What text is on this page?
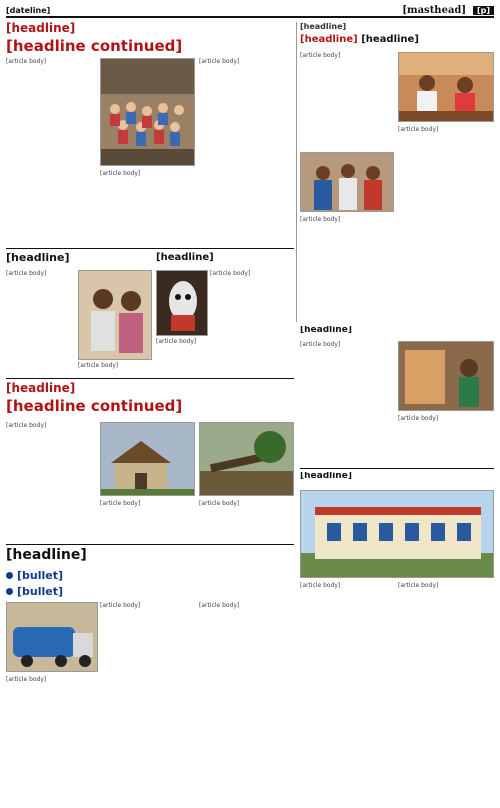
[dateline]	[masthead] [p]
[headline]
[headline continued]

[article body]

[article body]

[article body]

[headline]
[headline] [headline]

[article body]

[article body]

[article body]

[headline]

[article body]

[article body]

[headline]

[article body]

[article body]

[headline]

[article body]

[article body]

[headline]
[headline continued]

[article body]

[article body]	[article body]

[headline]

[article body]	[article body]

[headline]
[bullet]
[bullet]

[article body]

[article body]	[article body]
